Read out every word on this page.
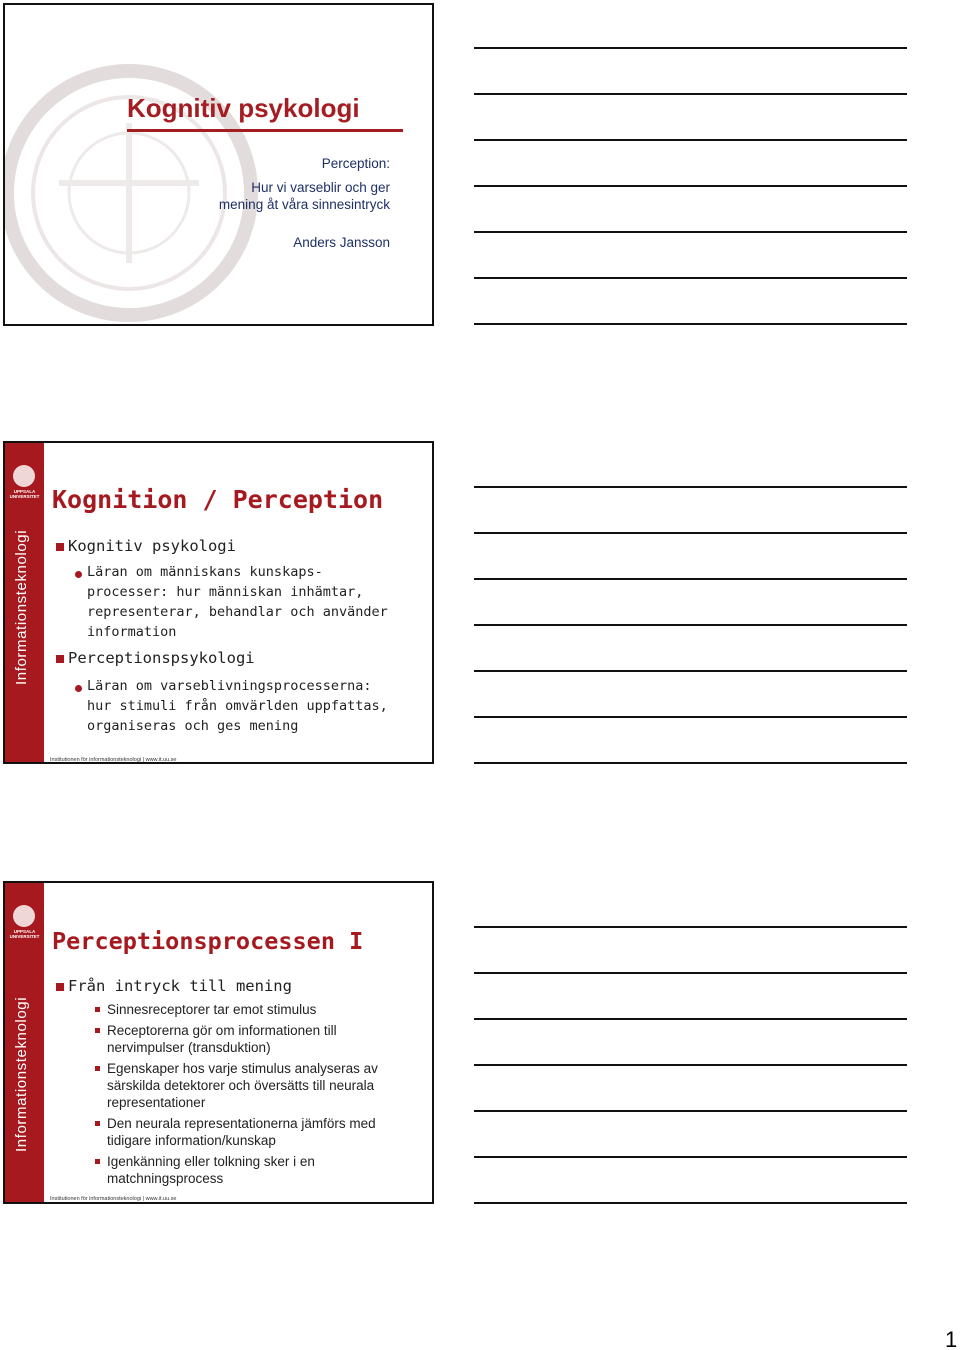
Kognitiv psykologi
Perception:
Hur vi varseblir och ger
mening åt våra sinnesintryck
Anders Jansson
UPPSALA
UNIVERSITET
Informationsteknologi
Kognition / Perception
Kognitiv psykologi
Läran om människans kunskaps-
processer: hur människan inhämtar,
representerar, behandlar och använder
information
Perceptionspsykologi
Läran om varseblivningsprocesserna:
hur stimuli från omvärlden uppfattas,
organiseras och ges mening
Institutionen för informationsteknologi | www.it.uu.se
UPPSALA
UNIVERSITET
Informationsteknologi
Perceptionsprocessen I
Från intryck till mening
Sinnesreceptorer tar emot stimulus
Receptorerna gör om informationen till nervimpulser (transduktion)
Egenskaper hos varje stimulus analyseras av särskilda detektorer och översätts till neurala representationer
Den neurala representationerna jämförs med tidigare information/kunskap
Igenkänning eller tolkning sker i en matchningsprocess
Institutionen för informationsteknologi | www.it.uu.se
1
